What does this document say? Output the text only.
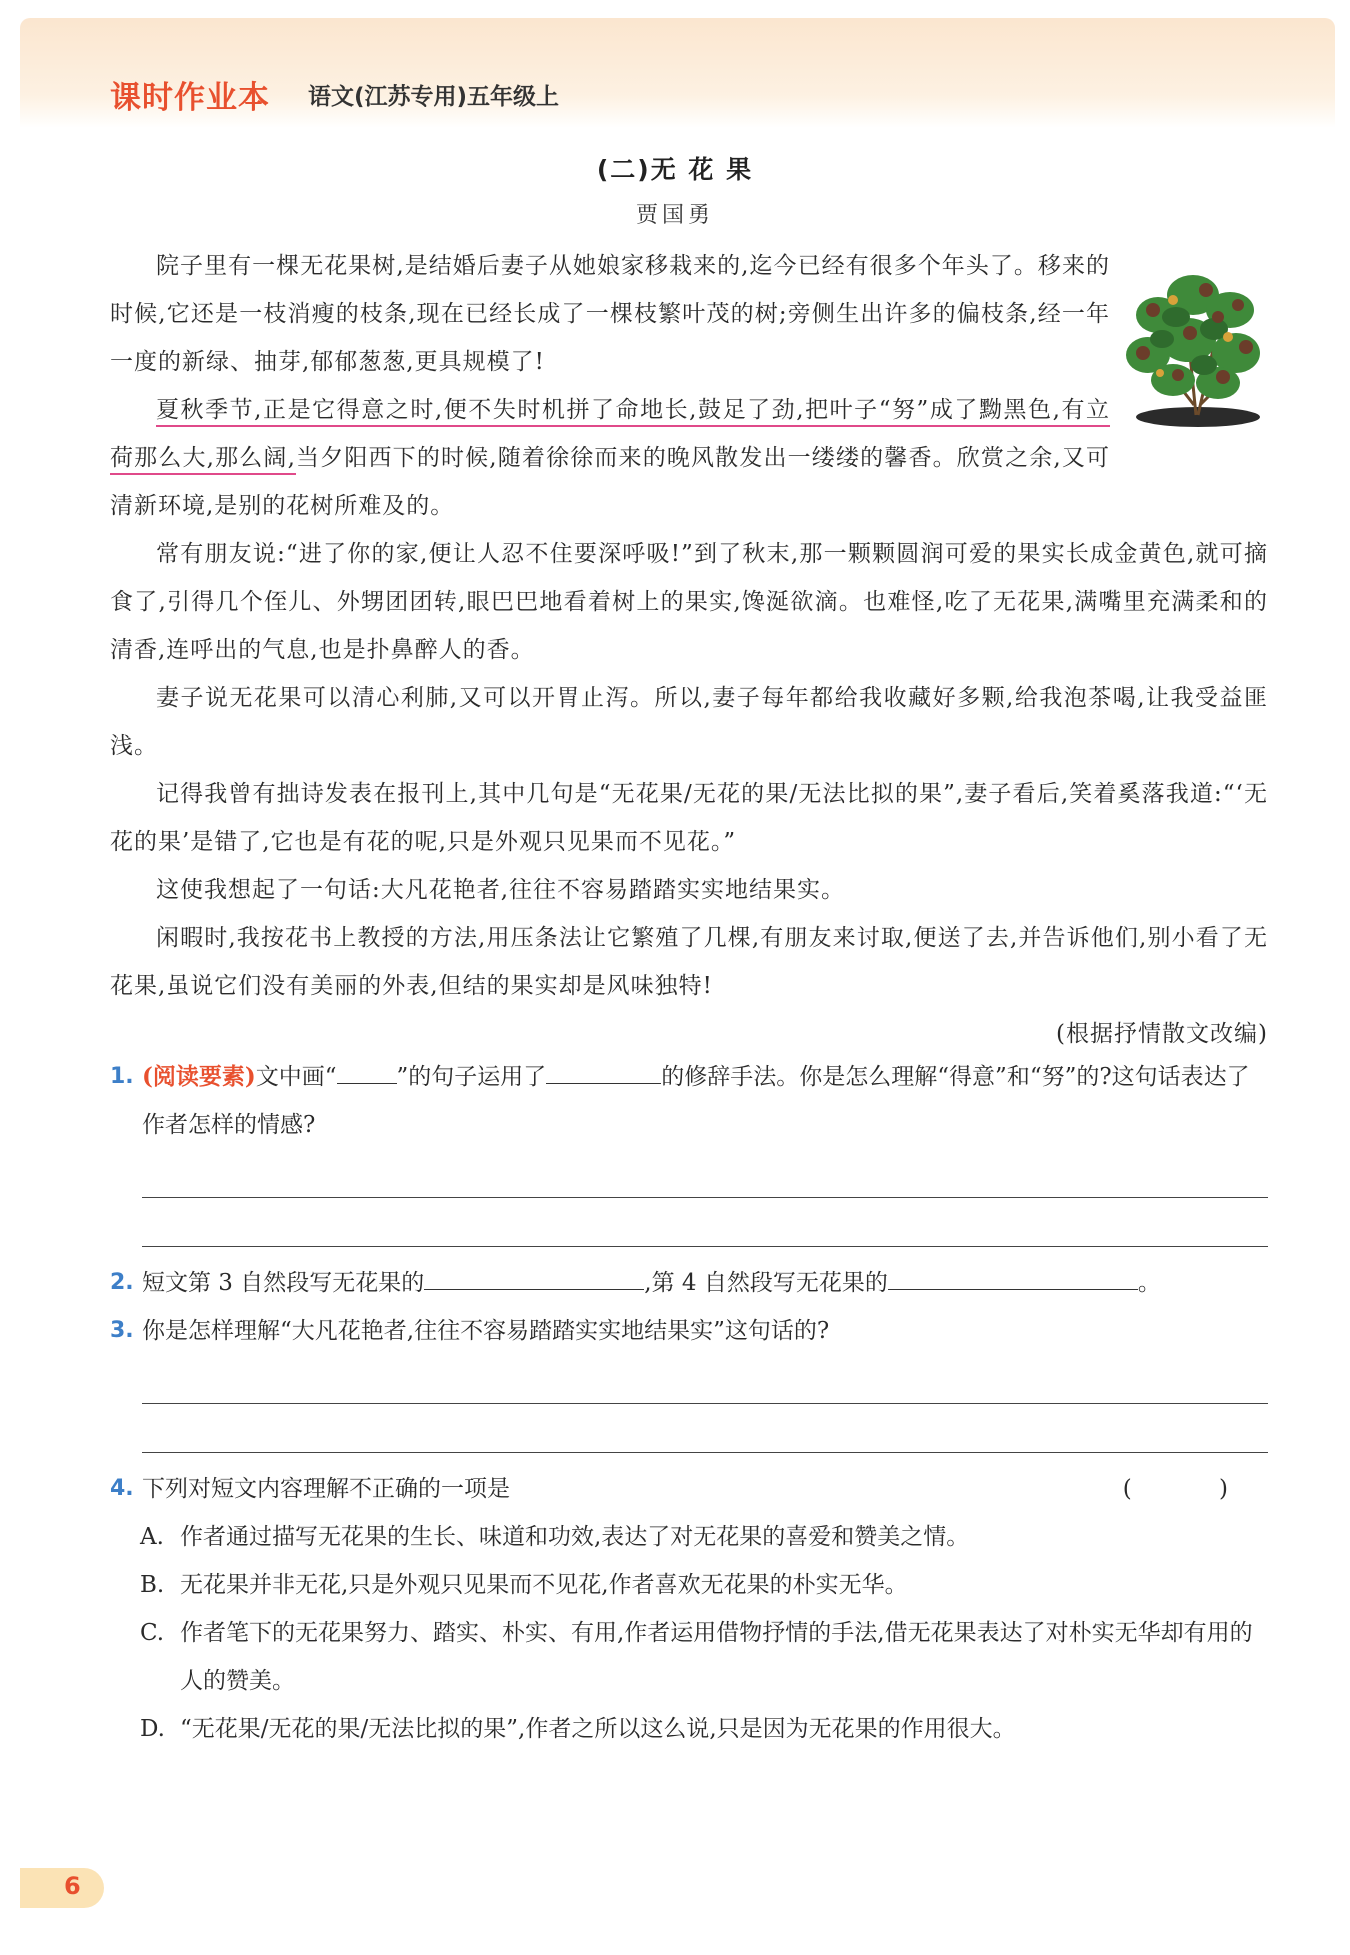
课时作业本 语文(江苏专用)五年级上
(二)无 花 果
贾国勇

院子里有一棵无花果树,是结婚后妻子从她娘家移栽来的,迄今已经有很多个年头了。移来的时候,它还是一枝消瘦的枝条,现在已经长成了一棵枝繁叶茂的树;旁侧生出许多的偏枝条,经一年一度的新绿、抽芽,郁郁葱葱,更具规模了!

夏秋季节,正是它得意之时,便不失时机拼了命地长,鼓足了劲,把叶子“努”成了黝黑色,有立荷那么大,那么阔,当夕阳西下的时候,随着徐徐而来的晚风散发出一缕缕的馨香。欣赏之余,又可清新环境,是别的花树所难及的。

常有朋友说:“进了你的家,便让人忍不住要深呼吸!”到了秋末,那一颗颗圆润可爱的果实长成金黄色,就可摘食了,引得几个侄儿、外甥团团转,眼巴巴地看着树上的果实,馋涎欲滴。也难怪,吃了无花果,满嘴里充满柔和的清香,连呼出的气息,也是扑鼻醉人的香。

妻子说无花果可以清心利肺,又可以开胃止泻。所以,妻子每年都给我收藏好多颗,给我泡茶喝,让我受益匪浅。

记得我曾有拙诗发表在报刊上,其中几句是“无花果/无花的果/无法比拟的果”,妻子看后,笑着奚落我道:“‘无花的果’是错了,它也是有花的呢,只是外观只见果而不见花。”

这使我想起了一句话:大凡花艳者,往往不容易踏踏实实地结果实。

闲暇时,我按花书上教授的方法,用压条法让它繁殖了几棵,有朋友来讨取,便送了去,并告诉他们,别小看了无花果,虽说它们没有美丽的外表,但结的果实却是风味独特!

(根据抒情散文改编)
1. (阅读要素)文中画“	”的句子运用了	的修辞手法。你是怎么理解“得意”和“努”的?这句话表达了作者怎样的情感?
2. 短文第 3 自然段写无花果的	,第 4 自然段写无花果的	。
3. 你是怎样理解“大凡花艳者,往往不容易踏踏实实地结果实”这句话的?
4. 下列对短文内容理解不正确的一项是	( )
A. 作者通过描写无花果的生长、味道和功效,表达了对无花果的喜爱和赞美之情。
B. 无花果并非无花,只是外观只见果而不见花,作者喜欢无花果的朴实无华。
C. 作者笔下的无花果努力、踏实、朴实、有用,作者运用借物抒情的手法,借无花果表达了对朴实无华却有用的人的赞美。
D. “无花果/无花的果/无法比拟的果”,作者之所以这么说,只是因为无花果的作用很大。
6
